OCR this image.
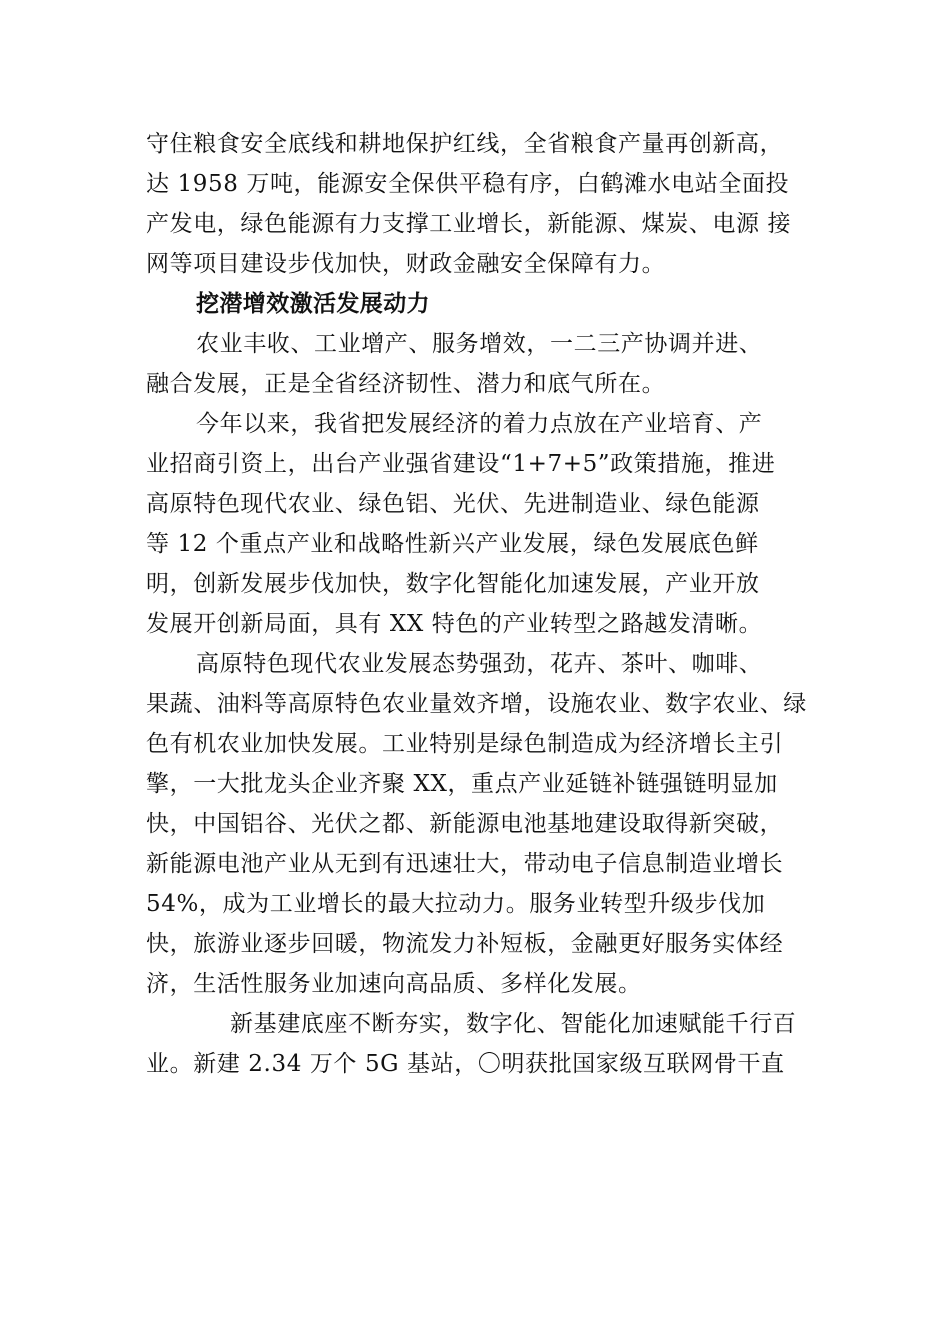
守住粮食安全底线和耕地保护红线，全省粮食产量再创新高，
达 1958 万吨，能源安全保供平稳有序，白鹤滩水电站全面投
产发电，绿色能源有力支撑工业增长，新能源、煤炭、电源 接
网等项目建设步伐加快，财政金融安全保障有力。
挖潜增效激活发展动力
农业丰收、工业增产、服务增效，一二三产协调并进、
融合发展，正是全省经济韧性、潜力和底气所在。
今年以来，我省把发展经济的着力点放在产业培育、产
业招商引资上，出台产业强省建设“1+7+5”政策措施，推进
高原特色现代农业、绿色铝、光伏、先进制造业、绿色能源
等 12 个重点产业和战略性新兴产业发展，绿色发展底色鲜
明，创新发展步伐加快，数字化智能化加速发展，产业开放
发展开创新局面，具有 XX 特色的产业转型之路越发清晰。
高原特色现代农业发展态势强劲，花卉、茶叶、咖啡、
果蔬、油料等高原特色农业量效齐增，设施农业、数字农业、绿
色有机农业加快发展。工业特别是绿色制造成为经济增长主引
擎，一大批龙头企业齐聚 XX，重点产业延链补链强链明显加
快，中国铝谷、光伏之都、新能源电池基地建设取得新突破，
新能源电池产业从无到有迅速壮大，带动电子信息制造业增长
54%，成为工业增长的最大拉动力。服务业转型升级步伐加
快，旅游业逐步回暖，物流发力补短板，金融更好服务实体经
济，生活性服务业加速向高品质、多样化发展。
新基建底座不断夯实，数字化、智能化加速赋能千行百
业。新建 2.34 万个 5G 基站，〇明获批国家级互联网骨干直
